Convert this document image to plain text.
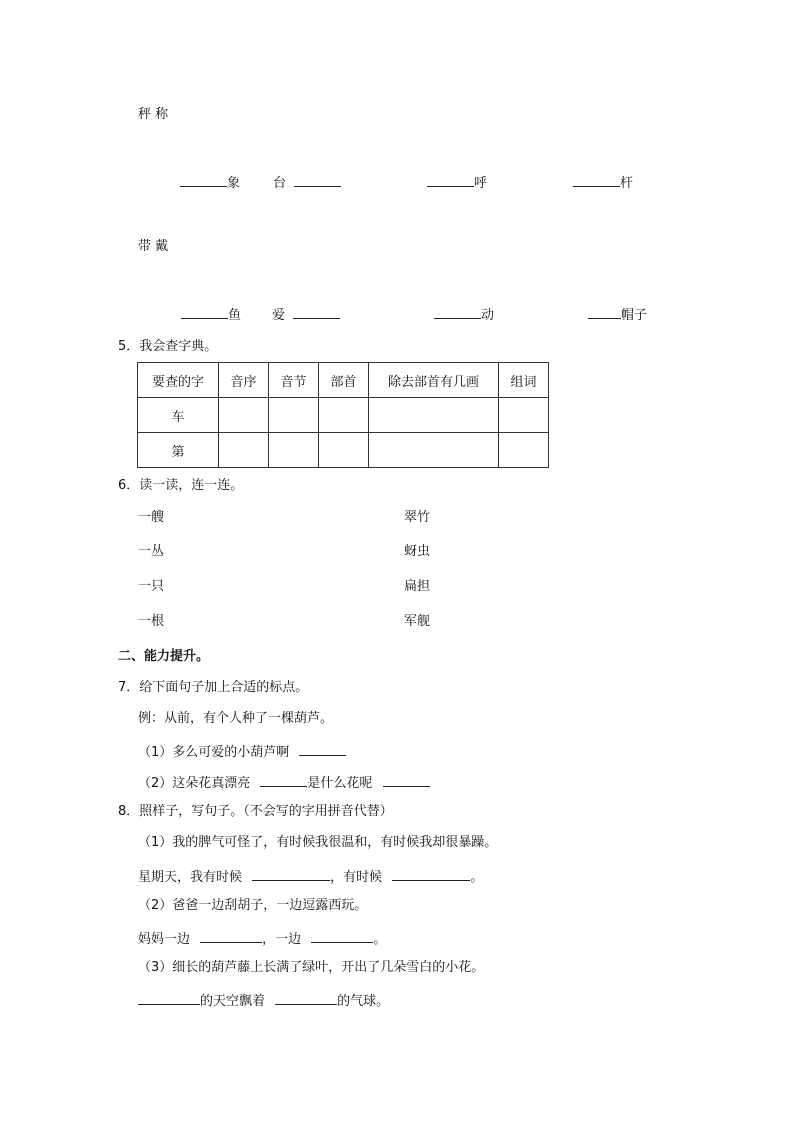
秤 称
象	台	呼	杆
带 戴
鱼 爱	动	帽子
5．我会查字典。
要查的字	音序	音节	部首	除去部首有几画	组词
车					
第					
6．读一读，连一连。
一艘
一丛
一只
一根
翠竹
蚜虫
扁担
军舰
二、能力提升。
7．给下面句子加上合适的标点。
例：从前，有个人种了一棵葫芦。
（1）多么可爱的小葫芦啊
（2）这朵花真漂亮	是什么花呢
8．照样子，写句子。（不会写的字用拼音代替）
（1）我的脾气可怪了，有时候我很温和，有时候我却很暴躁。
星期天，我有时候	，有时候	。
（2）爸爸一边刮胡子，一边逗露西玩。
妈妈一边	，一边	。
（3）细长的葫芦藤上长满了绿叶，开出了几朵雪白的小花。
的天空飘着	的气球。
